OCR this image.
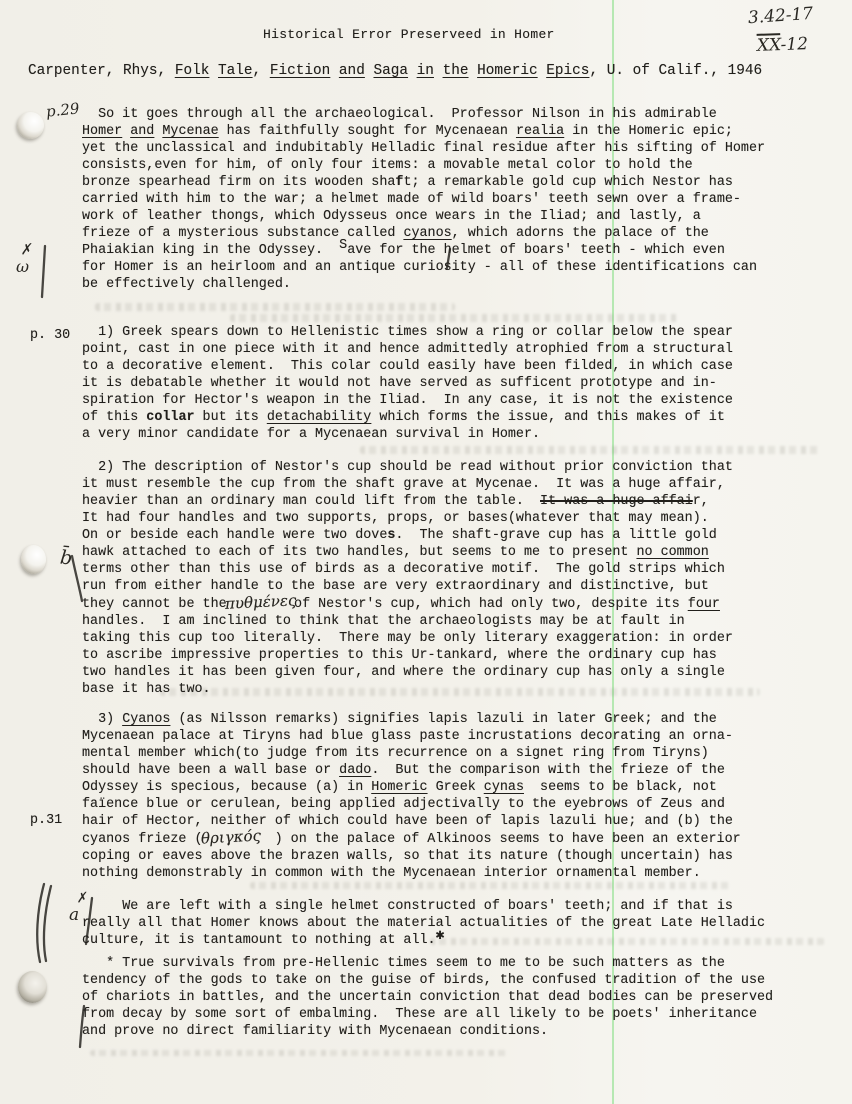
3.42-17
$\overline{XX}-12$
p.29
Historical Error Preserveed in Homer
Carpenter, Rhys, Folk Tale, Fiction and Saga in the Homeric Epics, U. of Calif., 1946
p. 30
p.31
✗
ω
b̄
✗
a
So it goes through all the archaeological.  Professor Nilson in his admirable
Homer and Mycenae has faithfully sought for Mycenaean realia in the Homeric epic;
yet the unclassical and indubitably Helladic final residue after his sifting of Homer
consists,even for him, of only four items: a movable metal color to hold the
bronze spearhead firm on its wooden shaft; a remarkable gold cup which Nestor has
carried with him to the war; a helmet made of wild boars' teeth sewn over a frame-
work of leather thongs, which Odysseus once wears in the Iliad; and lastly, a
frieze of a mysterious substance called cyanos, which adorns the palace of the
Phaiakian king in the Odyssey.  Save for the helmet of boars' teeth - which even
for Homer is an heirloom and an antique curiosity - all of these identifications can
be effectively challenged.
1) Greek spears down to Hellenistic times show a ring or collar below the spear
point, cast in one piece with it and hence admittedly atrophied from a structural
to a decorative element.  This colar could easily have been filded, in which case
it is debatable whether it would not have served as sufficent prototype and in-
spiration for Hector's weapon in the Iliad.  In any case, it is not the existence
of this collar but its detachability which forms the issue, and this makes of it
a very minor candidate for a Mycenaean survival in Homer.
2) The description of Nestor's cup should be read without prior conviction that
it must resemble the cup from the shaft grave at Mycenae.  It was a huge affair,
heavier than an ordinary man could lift from the table.  It was a huge affair,
It had four handles and two supports, props, or bases(whatever that may mean).
On or beside each handle were two doves.  The shaft-grave cup has a little gold
hawk attached to each of its two handles, but seems to me to present no common
terms other than this use of birds as a decorative motif.  The gold strips which
run from either handle to the base are very extraordinary and distinctive, but
they cannot be theπυθμένεςof Nestor's cup, which had only two, despite its four
handles.  I am inclined to think that the archaeologists may be at fault in
taking this cup too literally.  There may be only literary exaggeration: in order
to ascribe impressive properties to this Ur-tankard, where the ordinary cup has
two handles it has been given four, and where the ordinary cup has only a single
base it has two.
3) Cyanos (as Nilsson remarks) signifies lapis lazuli in later Greek; and the
Mycenaean palace at Tiryns had blue glass paste incrustations decorating an orna-
mental member which(to judge from its recurrence on a signet ring from Tiryns)
should have been a wall base or dado.  But the comparison with the frieze of the
Odyssey is specious, because (a) in Homeric Greek cynas  seems to be black, not
faïence blue or cerulean, being applied adjectivally to the eyebrows of Zeus and
hair of Hector, neither of which could have been of lapis lazuli hue; and (b) the
cyanos frieze (θριγκός  ) on the palace of Alkinoos seems to have been an exterior
coping or eaves above the brazen walls, so that its nature (though uncertain) has
nothing demonstrably in common with the Mycenaean interior ornamental member.
We are left with a single helmet constructed of boars' teeth; and if that is
really all that Homer knows about the material actualities of the great Late Helladic
culture, it is tantamount to nothing at all.✱
* True survivals from pre-Hellenic times seem to me to be such matters as the
tendency of the gods to take on the guise of birds, the confused tradition of the use
of chariots in battles, and the uncertain conviction that dead bodies can be preserved
from decay by some sort of embalming.  These are all likely to be poets' inheritance
and prove no direct familiarity with Mycenaean conditions.
